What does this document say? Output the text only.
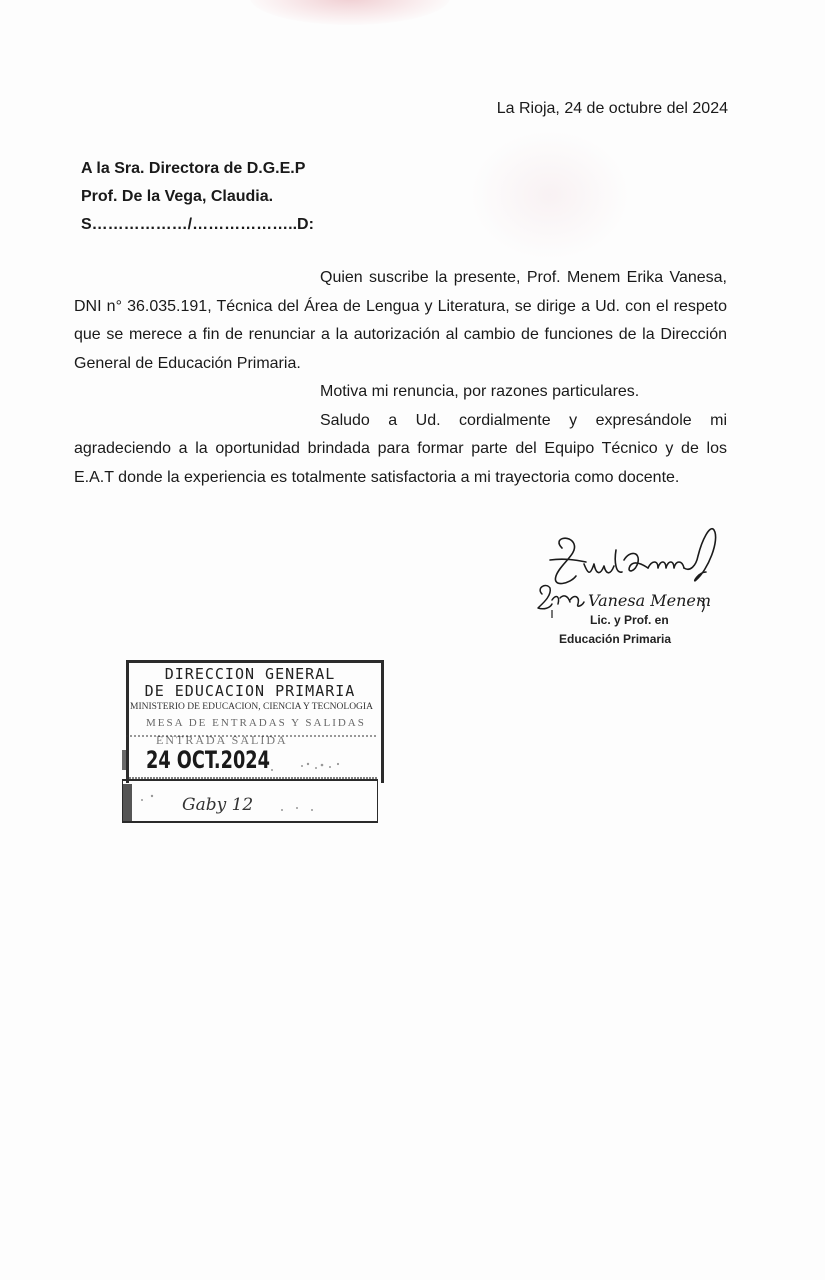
La Rioja, 24 de octubre del 2024
A la Sra. Directora de D.G.E.P
Prof. De la Vega, Claudia.
S………………/………………..D:

Quien suscribe la presente, Prof. Menem Erika Vanesa, DNI n° 36.035.191, Técnica del Área de Lengua y Literatura, se dirige a Ud. con el respeto que se merece a fin de renunciar a la autorización al cambio de funciones de la Dirección General de Educación Primaria.

Motiva mi renuncia, por razones particulares.

Saludo a Ud. cordialmente y expresándole mi agradeciendo a la oportunidad brindada para formar parte del Equipo Técnico y de los E.A.T donde la experiencia es totalmente satisfactoria a mi trayectoria como docente.

Vanesa Menem
Lic. y Prof. en
Educación Primaria
DIRECCION GENERAL
DE EDUCACION PRIMARIA
MINISTERIO DE EDUCACIÓN, CIENCIA Y TECNOLOGIA
MESA DE ENTRADAS Y SALIDAS
ENTRADA SALIDA
24 OCT.2024
Gaby 12
